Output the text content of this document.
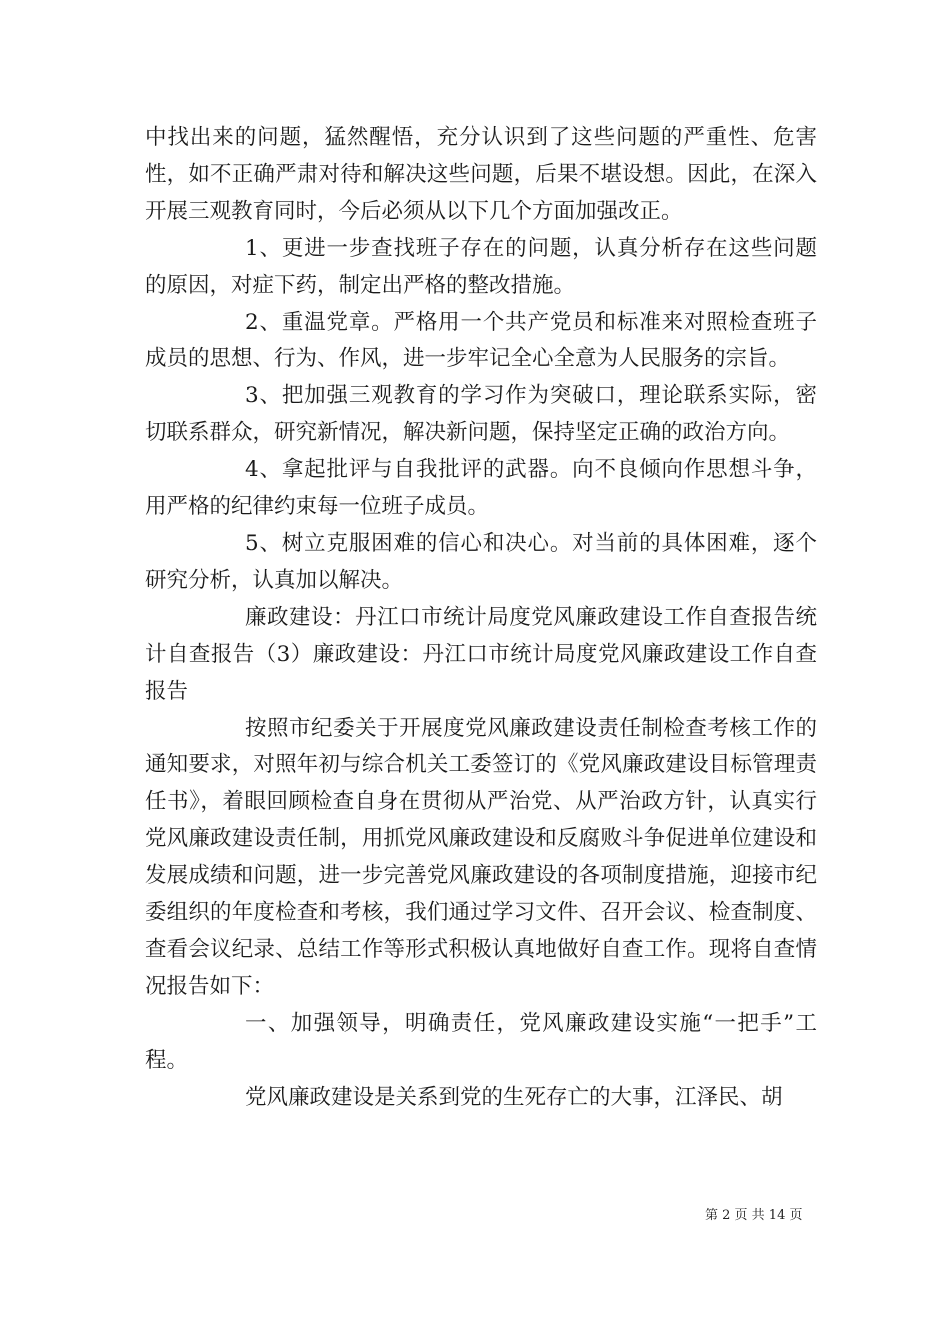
中找出来的问题，猛然醒悟，充分认识到了这些问题的严重性、危害性，如不正确严肃对待和解决这些问题，后果不堪设想。因此，在深入开展三观教育同时，今后必须从以下几个方面加强改正。

1、更进一步查找班子存在的问题，认真分析存在这些问题的原因，对症下药，制定出严格的整改措施。

2、重温党章。严格用一个共产党员和标准来对照检查班子成员的思想、行为、作风，进一步牢记全心全意为人民服务的宗旨。

3、把加强三观教育的学习作为突破口，理论联系实际，密切联系群众，研究新情况，解决新问题，保持坚定正确的政治方向。

4、拿起批评与自我批评的武器。向不良倾向作思想斗争，用严格的纪律约束每一位班子成员。

5、树立克服困难的信心和决心。对当前的具体困难，逐个研究分析，认真加以解决。

廉政建设：丹江口市统计局度党风廉政建设工作自查报告统计自查报告（3）廉政建设：丹江口市统计局度党风廉政建设工作自查报告

按照市纪委关于开展度党风廉政建设责任制检查考核工作的通知要求，对照年初与综合机关工委签订的《党风廉政建设目标管理责任书》，着眼回顾检查自身在贯彻从严治党、从严治政方针，认真实行党风廉政建设责任制，用抓党风廉政建设和反腐败斗争促进单位建设和发展成绩和问题，进一步完善党风廉政建设的各项制度措施，迎接市纪委组织的年度检查和考核，我们通过学习文件、召开会议、检查制度、查看会议纪录、总结工作等形式积极认真地做好自查工作。现将自查情况报告如下：

一、加强领导，明确责任，党风廉政建设实施“一把手”工程。

党风廉政建设是关系到党的生死存亡的大事，江泽民、胡

第 2 页 共 14 页
